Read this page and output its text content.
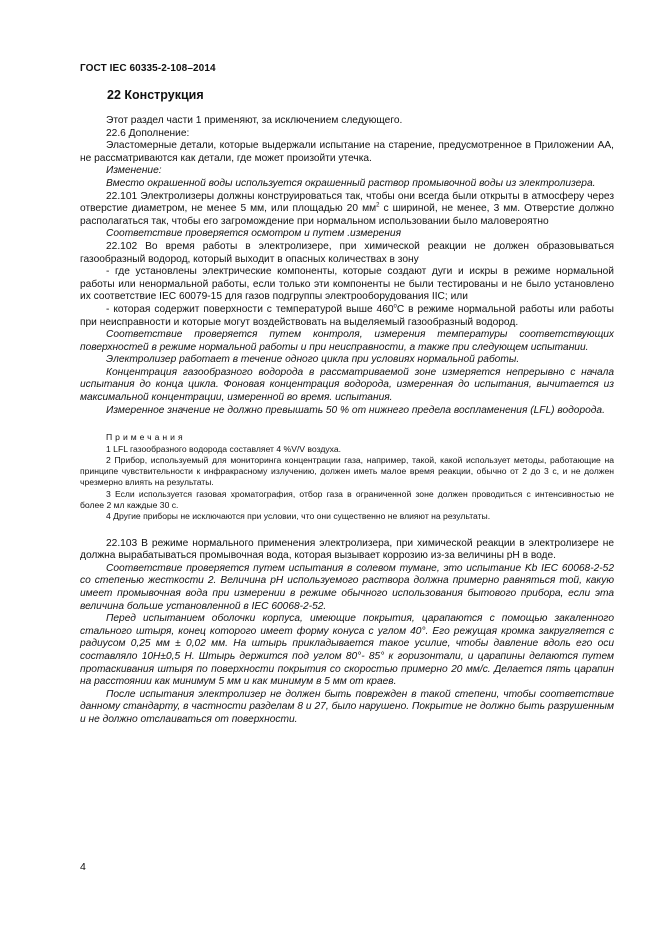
ГОСТ IEC 60335-2-108–2014
22 Конструкция

Этот раздел части 1 применяют, за исключением следующего.

22.6 Дополнение:

Эластомерные детали, которые выдержали испытание на старение, предусмотренное в Приложении АА, не рассматриваются как детали, где может произойти утечка.

Изменение:

Вместо окрашенной воды используется окрашенный раствор промывочной воды из электролизера.

22.101 Электролизеры должны конструироваться так, чтобы они всегда были открыты в атмосферу через отверстие диаметром, не менее 5 мм, или площадью 20 $мм^2$ с шириной, не менее, 3 мм. Отверстие должно располагаться так, чтобы его загромождение при нормальном использовании было маловероятно

Соответствие проверяется осмотром и путем .измерения

22.102 Во время работы в электролизере, при химической реакции не должен образовываться газообразный водород, который выходит в опасных количествах в зону

- где установлены электрические компоненты, которые создают дуги и искры в режиме нормальной работы или ненормальной работы, если только эти компоненты не были тестированы и не было установлено их соответствие IEC 60079-15 для газов подгруппы электрооборудования IIC; или

- которая содержит поверхности с температурой выше $460^оС$ в режиме нормальной работы или работы при неисправности и которые могут воздействовать на выделяемый газообразный водород.

Соответствие проверяется путем контроля, измерения температуры соответствующих поверхностей в режиме нормальной работы и при неисправности, а также при следующем испытании.

Электролизер работает в течение одного цикла при условиях нормальной работы.

Концентрация газообразного водорода в рассматриваемой зоне измеряется непрерывно с начала испытания до конца цикла. Фоновая концентрация водорода, измеренная до испытания, вычитается из максимальной концентрации, измеренной во время. испытания.

Измеренное значение не должно превышать 50 % от нижнего предела воспламенения (LFL) водорода.

Примечания

1 LFL газообразного водорода составляет 4 %V/V воздуха.

2 Прибор, используемый для мониторинга концентрации газа, например, такой, какой использует методы, работающие на принципе чувствительности к инфракрасному излучению, должен иметь малое время реакции, обычно от 2 до 3 с, и не должен чрезмерно влиять на результаты.

3 Если используется газовая хроматография, отбор газа в ограниченной зоне должен проводиться с интенсивностью не более 2 мл каждые 30 с.

4 Другие приборы не исключаются при условии, что они существенно не влияют на результаты.

22.103 В режиме нормального применения электролизера, при химической реакции в электролизере не должна вырабатываться промывочная вода, которая вызывает коррозию из-за величины pH в воде.

Соответствие проверяется путем испытания в солевом тумане, это испытание Kb IEC 60068-2-52 со степенью жесткости 2. Величина pH используемого раствора должна примерно равняться той, какую имеет промывочная вода при измерении в режиме обычного использования бытового прибора, если эта величина больше установленной в IEC 60068-2-52.

Перед испытанием оболочки корпуса, имеющие покрытия, царапаются с помощью закаленного стального штыря, конец которого имеет форму конуса с углом 40°. Его режущая кромка закругляется с радиусом 0,25 мм ± 0,02 мм. На штырь прикладывается такое усилие, чтобы давление вдоль его оси составляло 10Н±0,5 Н. Штырь держится под углом 80°- 85° к горизонтали, и царапины делаются путем протаскивания штыря по поверхности покрытия со скоростью примерно 20 мм/с. Делается пять царапин на расстоянии как минимум 5 мм и как минимум в 5 мм от краев.

После испытания электролизер не должен быть поврежден в такой степени, чтобы соответствие данному стандарту, в частности разделам 8 и 27, было нарушено. Покрытие не должно быть разрушенным и не должно отслаиваться от поверхности.

4
